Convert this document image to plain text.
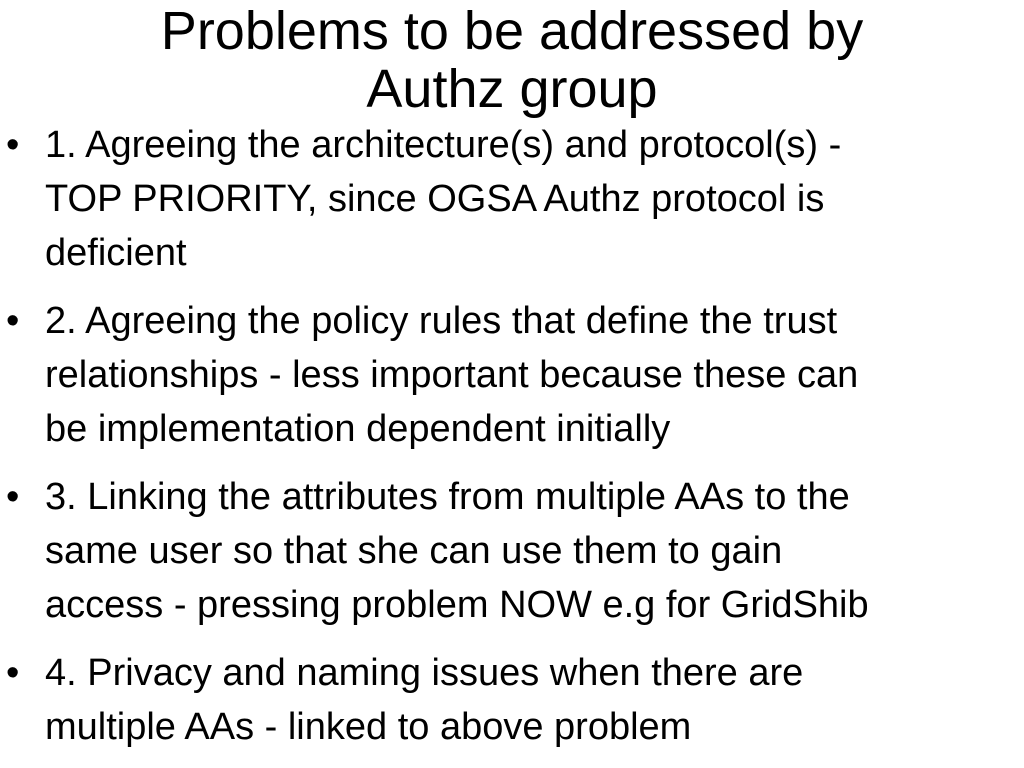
Problems to be addressed by
Authz group
• 1. Agreeing the architecture(s) and protocol(s) -
TOP PRIORITY, since OGSA Authz protocol is
deficient
• 2. Agreeing the policy rules that define the trust
relationships - less important because these can
be implementation dependent initially
• 3. Linking the attributes from multiple AAs to the
same user so that she can use them to gain
access - pressing problem NOW e.g for GridShib
• 4. Privacy and naming issues when there are
multiple AAs - linked to above problem
